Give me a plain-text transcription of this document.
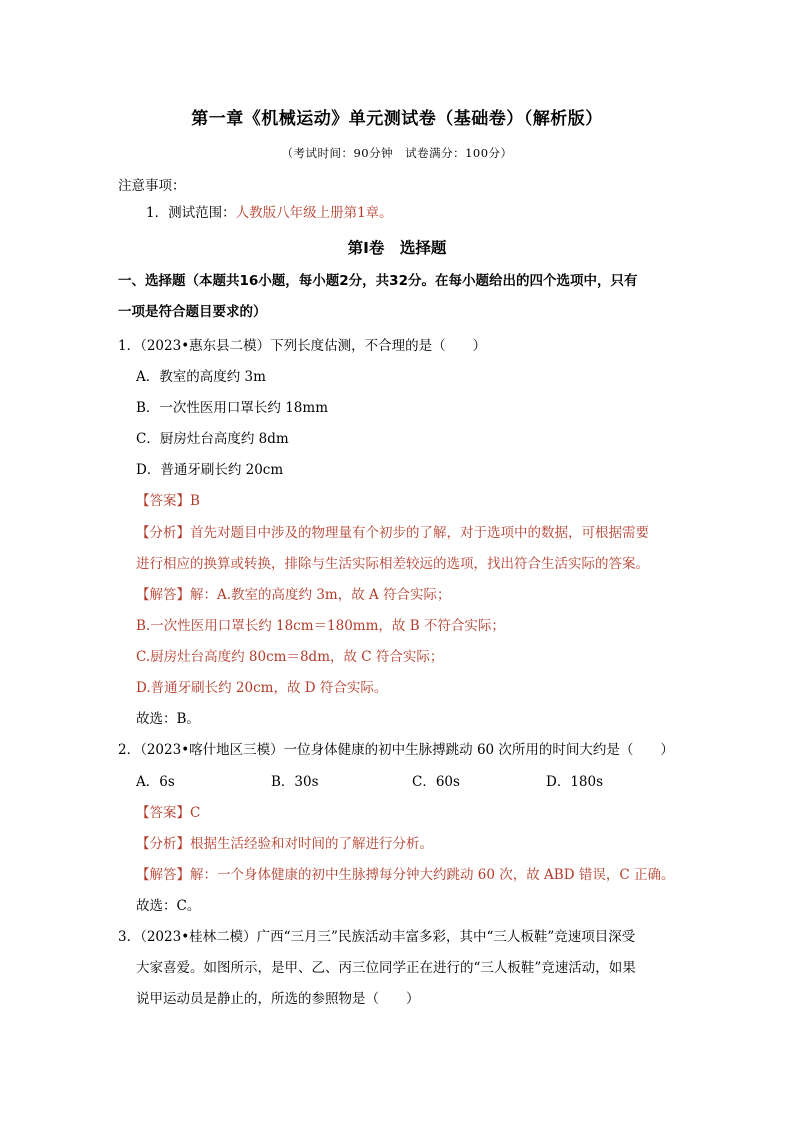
第一章《机械运动》单元测试卷（基础卷）（解析版）
（考试时间：90分钟　试卷满分：100分）
注意事项：
1．测试范围：人教版八年级上册第1章。
第Ⅰ卷　选择题
一、选择题（本题共16小题，每小题2分，共32分。在每小题给出的四个选项中，只有
一项是符合题目要求的）
1．（2023•惠东县二模）下列长度估测，不合理的是（　　）
A．教室的高度约 3m
B．一次性医用口罩长约 18mm
C．厨房灶台高度约 8dm
D．普通牙刷长约 20cm
【答案】B
【分析】首先对题目中涉及的物理量有个初步的了解，对于选项中的数据，可根据需要
进行相应的换算或转换，排除与生活实际相差较远的选项，找出符合生活实际的答案。
【解答】解：A.教室的高度约 3m，故 A 符合实际；
B.一次性医用口罩长约 18cm＝180mm，故 B 不符合实际；
C.厨房灶台高度约 80cm＝8dm，故 C 符合实际；
D.普通牙刷长约 20cm，故 D 符合实际。
故选：B。
2．（2023•喀什地区三模）一位身体健康的初中生脉搏跳动 60 次所用的时间大约是（　　）
A．6s	B．30s	C．60s	D．180s
【答案】C
【分析】根据生活经验和对时间的了解进行分析。
【解答】解：一个身体健康的初中生脉搏每分钟大约跳动 60 次，故 ABD 错误，C 正确。
故选：C。
3．（2023•桂林二模）广西“三月三”民族活动丰富多彩，其中“三人板鞋”竞速项目深受
大家喜爱。如图所示，是甲、乙、丙三位同学正在进行的“三人板鞋”竞速活动，如果
说甲运动员是静止的，所选的参照物是（　　）
